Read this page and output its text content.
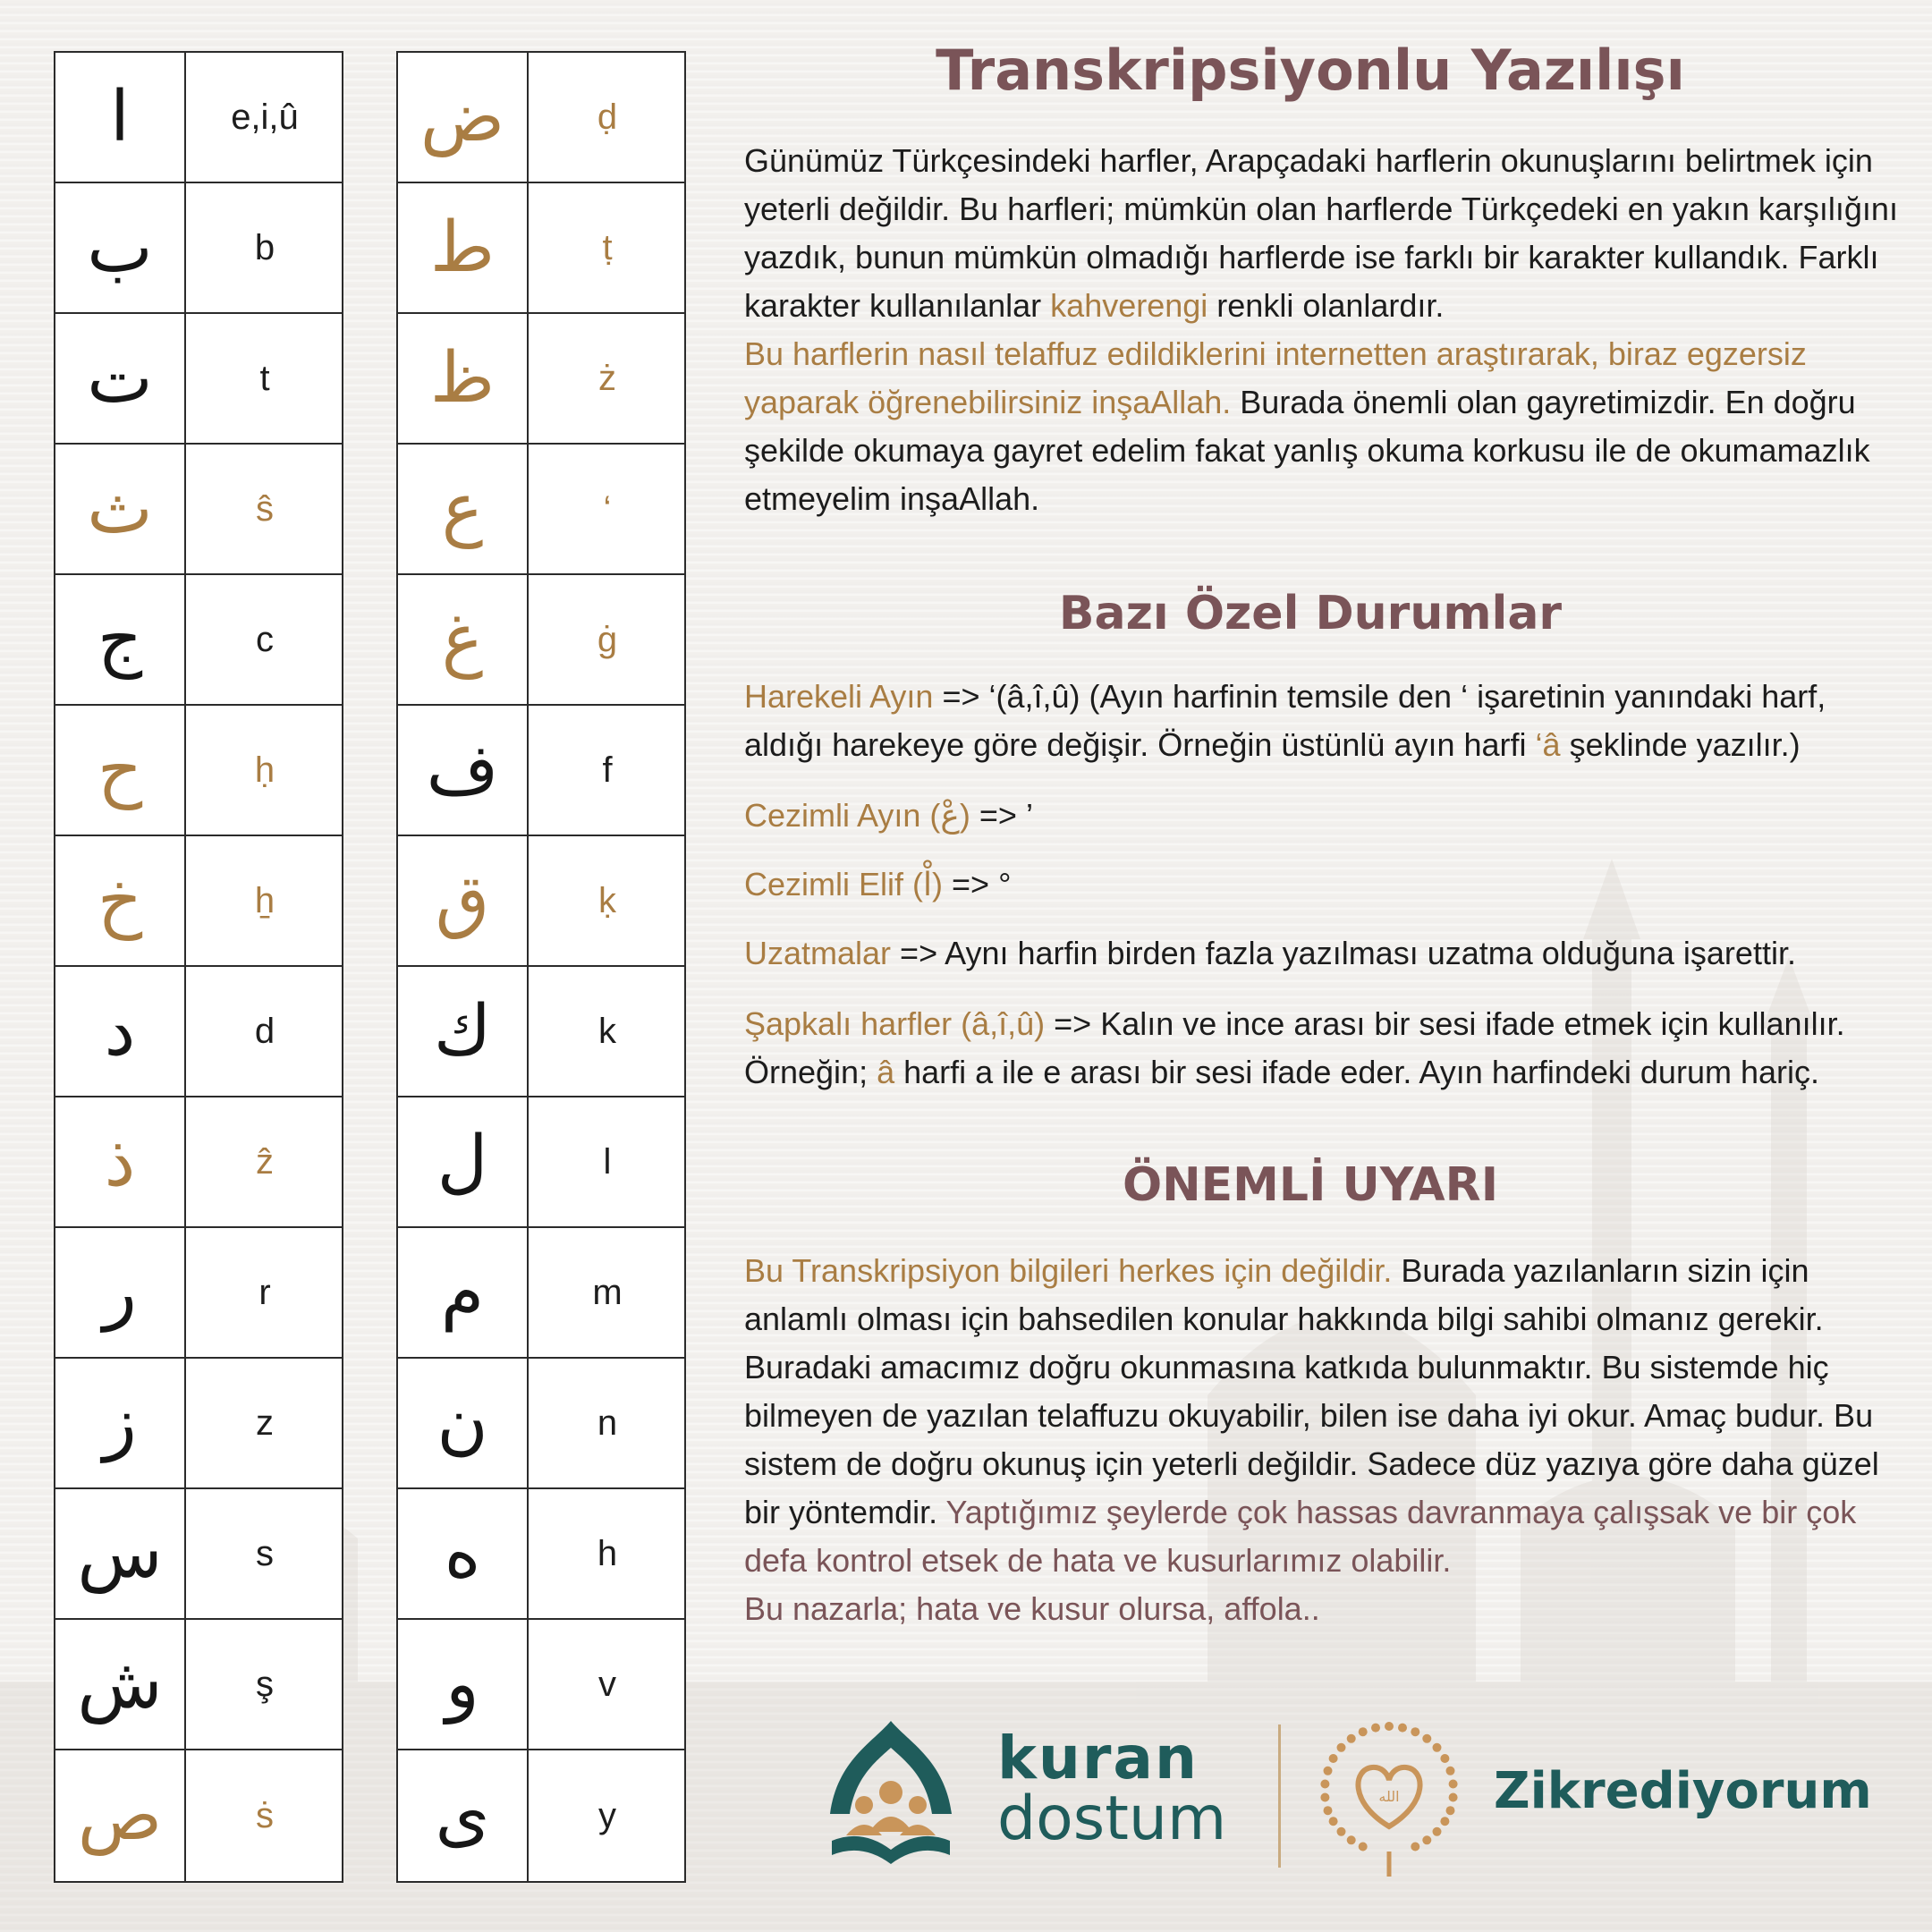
ا	e,i,û
ب	b
ت	t
ث	ŝ
ج	c
ح	ḥ
خ	ẖ
د	d
ذ	ẑ
ر	r
ز	z
س	s
ش	ş
ص	ṡ
ض	ḍ
ط	ṭ
ظ	ż
ع	‘
غ	ġ
ف	f
ق	ḳ
ك	k
ل	l
م	m
ن	n
ه	h
و	v
ى	y
Transkripsiyonlu Yazılışı

Günümüz Türkçesindeki harfler, Arapçadaki harflerin okunuşlarını belirtmek için yeterli değildir. Bu harfleri; mümkün olan harflerde Türkçedeki en yakın karşılığını yazdık, bunun mümkün olmadığı harflerde ise farklı bir karakter kullandık. Farklı karakter kullanılanlar kahverengi renkli olanlardır.
Bu harflerin nasıl telaffuz edildiklerini internetten araştırarak, biraz egzersiz yaparak öğrenebilirsiniz inşaAllah. Burada önemli olan gayretimizdir. En doğru şekilde okumaya gayret edelim fakat yanlış okuma korkusu ile de okumamazlık etmeyelim inşaAllah.

Bazı Özel Durumlar

Harekeli Ayın => ‘(â,î,û) (Ayın harfinin temsile den ‘ işaretinin yanındaki harf, aldığı harekeye göre değişir. Örneğin üstünlü ayın harfi ‘â şeklinde yazılır.)

Cezimli Ayın (عْ) => ’

Cezimli Elif (اْ) => °

Uzatmalar => Aynı harfin birden fazla yazılması uzatma olduğuna işarettir.

Şapkalı harfler (â,î,û) => Kalın ve ince arası bir sesi ifade etmek için kullanılır. Örneğin; â harfi a ile e arası bir sesi ifade eder. Ayın harfindeki durum hariç.

ÖNEMLİ UYARI

Bu Transkripsiyon bilgileri herkes için değildir. Burada yazılanların sizin için anlamlı olması için bahsedilen konular hakkında bilgi sahibi olmanız gerekir. Buradaki amacımız doğru okunmasına katkıda bulunmaktır. Bu sistemde hiç bilmeyen de yazılan telaffuzu okuyabilir, bilen ise daha iyi okur. Amaç budur. Bu sistem de doğru okunuş için yeterli değildir. Sadece düz yazıya göre daha güzel bir yöntemdir. Yaptığımız şeylerde çok hassas davranmaya çalışsak ve bir çok defa kontrol etsek de hata ve kusurlarımız olabilir.
Bu nazarla; hata ve kusur olursa, affola..

kuran
dostum	الله Zikrediyorum
